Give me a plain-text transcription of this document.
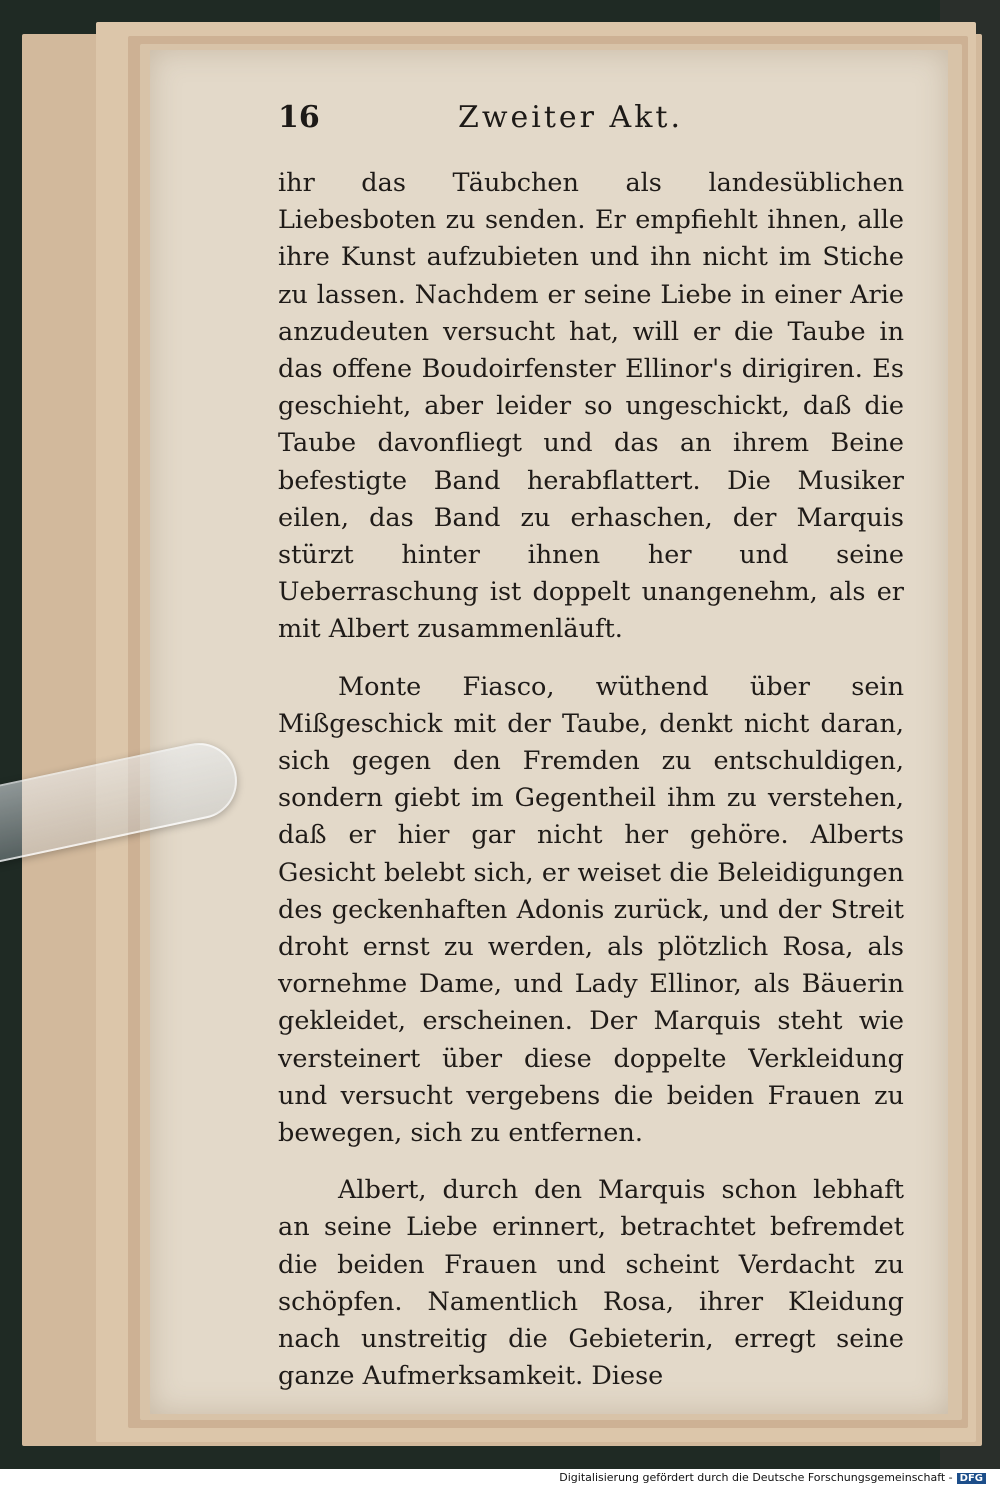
16	Zweiter Akt.

ihr das Täubchen als landesüblichen Liebesboten zu senden. Er empfiehlt ihnen, alle ihre Kunst aufzubieten und ihn nicht im Stiche zu lassen. Nachdem er seine Liebe in einer Arie anzudeuten versucht hat, will er die Taube in das offene Boudoirfenster Ellinor's dirigiren. Es geschieht, aber leider so ungeschickt, daß die Taube davonfliegt und das an ihrem Beine befestigte Band herabflattert. Die Musiker eilen, das Band zu erhaschen, der Marquis stürzt hinter ihnen her und seine Ueberraschung ist doppelt unangenehm, als er mit Albert zusammenläuft.

Monte Fiasco, wüthend über sein Mißgeschick mit der Taube, denkt nicht daran, sich gegen den Fremden zu entschuldigen, sondern giebt im Gegentheil ihm zu verstehen, daß er hier gar nicht her gehöre. Alberts Gesicht belebt sich, er weiset die Beleidigungen des geckenhaften Adonis zurück, und der Streit droht ernst zu werden, als plötzlich Rosa, als vornehme Dame, und Lady Ellinor, als Bäuerin gekleidet, erscheinen. Der Marquis steht wie versteinert über diese doppelte Verkleidung und versucht vergebens die beiden Frauen zu bewegen, sich zu entfernen.

Albert, durch den Marquis schon lebhaft an seine Liebe erinnert, betrachtet befremdet die beiden Frauen und scheint Verdacht zu schöpfen. Namentlich Rosa, ihrer Kleidung nach unstreitig die Gebieterin, erregt seine ganze Aufmerksamkeit. Diese

Digitalisierung gefördert durch die Deutsche Forschungsgemeinschaft - DFG
